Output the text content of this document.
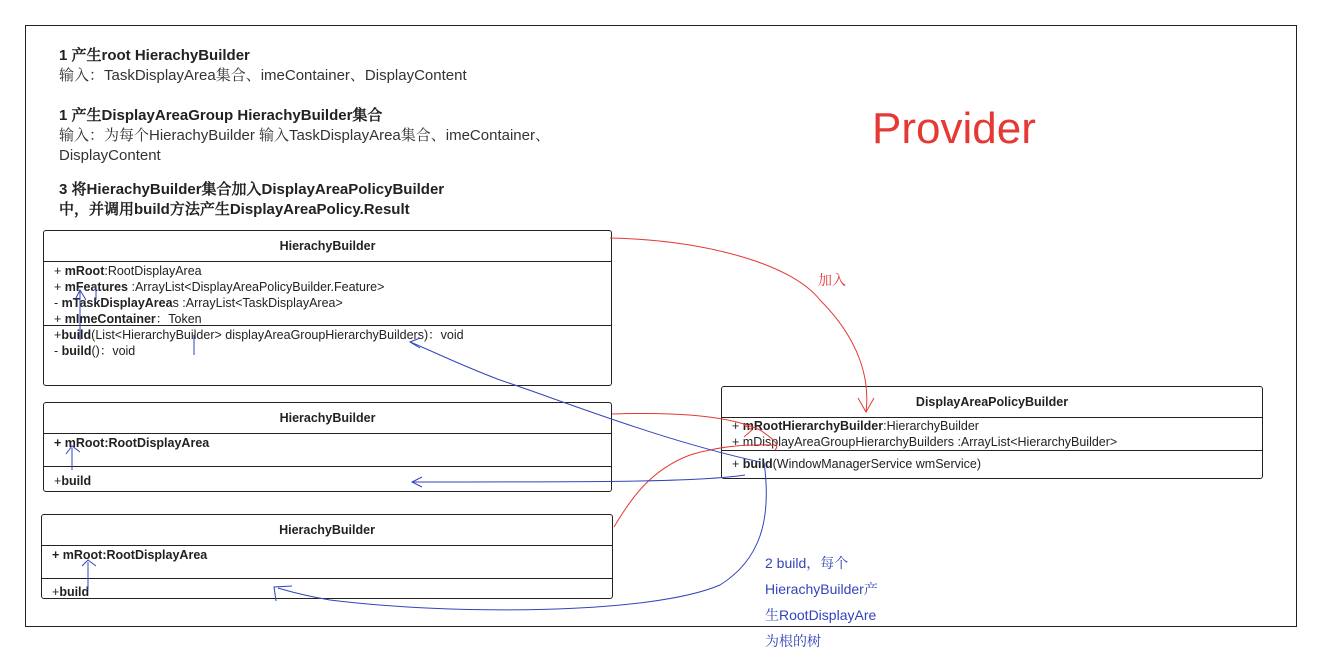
1 产生root HierachyBuilder
输入：TaskDisplayArea集合、imeContainer、DisplayContent
1 产生DisplayAreaGroup HierachyBuilder集合
输入：为每个HierachyBuilder 输入TaskDisplayArea集合、imeContainer、
DisplayContent
3 将HierachyBuilder集合加入DisplayAreaPolicyBuilder
中，并调用build方法产生DisplayAreaPolicy.Result
Provider
HierachyBuilder
+ mRoot:RootDisplayArea
+ mFeatures :ArrayList<DisplayAreaPolicyBuilder.Feature>
- mTaskDisplayAreas :ArrayList<TaskDisplayArea>
+ mImeContainer：Token
+build(List<HierarchyBuilder> displayAreaGroupHierarchyBuilders)：void
- build()：void
HierachyBuilder
+ mRoot:RootDisplayArea
+build
HierachyBuilder
+ mRoot:RootDisplayArea
+build
DisplayAreaPolicyBuilder
+ mRootHierarchyBuilder:HierarchyBuilder
+ mDisplayAreaGroupHierarchyBuilders :ArrayList<HierarchyBuilder>
+ build(WindowManagerService wmService)
加入
2 build，每个
HierachyBuilder产
生RootDisplayAre
为根的树
